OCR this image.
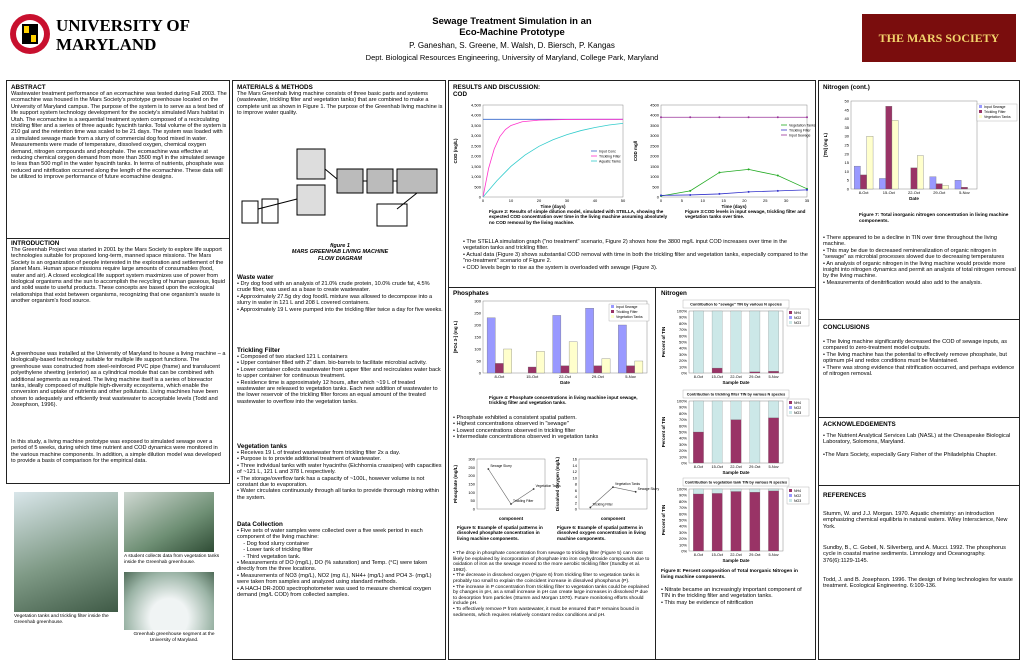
UNIVERSITY OF MARYLAND
Sewage Treatment Simulation in an
Eco-Machine Prototype
P. Ganeshan, S. Greene, M. Walsh, D. Biersch, P. Kangas
Dept. Biological Resources Engineering, University of Maryland, College Park, Maryland
THE MARS SOCIETY
ABSTRACT
Wastewater treatment performance of an ecomachine was tested during Fall 2003. The ecomachine was housed in the Mars Society's prototype greenhouse located on the University of Maryland campus. The purpose of the system is to serve as a test bed of life support system technology development for the society's simulated Mars habitat in Utah. The ecomachine is a sequential treatment system composed of a recirculating trickling filter and a series of three aquatic hyacinth tanks. Total volume of the system is 210 gal and the retention time was scaled to be 21 days. The system was loaded with a simulated sewage made from a slurry of commercial dog food mixed in water. Measurements were made of temperature, dissolved oxygen, chemical oxygen demand, nitrogen compounds and phosphate. The ecomachine was effective at reducing chemical oxygen demand from more than 3500 mg/l in the simulated sewage to less than 500 mg/l in the water hyacinth tanks. In terms of nutrients, phosphate was reduced and nitrification occurred along the length of the ecomachine. These data will be utilized to improve performance of future ecomachine designs.
INTRODUCTION
The Greenhab Project was started in 2001 by the Mars Society to explore life support technologies suitable for proposed long-term, manned space missions. The Mars Society is an organization of people interested in the exploration and settlement of the planet Mars. Human space missions require large amounts of consumables (food, water and air). A closed ecological life support system maximizes use of power from biological organisms and the sun to accomplish the recycling of human gaseous, liquid and solid waste to useful products. These concepts are based upon the ecological relationships that exist between organisms, recognizing that one organism's waste is another organism's food source.
A greenhouse was installed at the University of Maryland to house a living machine – a biologically-based technology suitable for multiple life support functions. The greenhouse was constructed from steel-reinforced PVC pipe (frame) and translucent polyethylene sheeting (exterior) as a cylindrical module that can be combined with additional segments as required. The living machine itself is a series of bioreactor tanks, ideally composed of multiple high-diversity ecosystems, which enable the conversion and uptake of nutrients and other pollutants. Living machines have been shown to adequately and efficiently treat wastewater to acceptable levels (Todd and Josephson, 1996).
In this study, a living machine prototype was exposed to simulated sewage over a period of 5 weeks, during which time nutrient and COD dynamics were monitored in the various machine components. In addition, a simple dilution model was developed to provide a basis of comparison for the empirical data.
Vegetation tanks and trickling filter inside the Greenhab greenhouse.
A student collects data from vegetation tanks inside the Greenhab greenhouse.
Greenhab greenhouse segment at the University of Maryland.
MATERIALS & METHODS
The Mars Greenhab living machine consists of three basic parts and systems (wastewater, trickling filter and vegetation tanks) that are combined to make a complete unit as shown in Figure 1. The purpose of the Greenhab living machine is to improve water quality.
figure 1
MARS GREENHAB LIVING MACHINE
FLOW DIAGRAM
Waste water
• Dry dog food with an analysis of 21.0% crude protein, 10.0% crude fat, 4.5% crude fiber, was used as a base to create wastewater.
• Approximately 27.5g dry dog food/L mixture was allowed to decompose into a slurry in water in 121 L and 208 L covered containers.
• Approximately 19 L were pumped into the trickling filter twice a day for five weeks.
Trickling Filter
• Composed of two stacked 121 L containers
• Upper container filled with 2" diam. bio-barrels to facilitate microbial activity.
• Lower container collects wastewater from upper filter and recirculates water back to upper container for continuous treatment.
• Residence time is approximately 12 hours, after which ~19 L of treated wastewater are released to vegetation tanks. Each new addition of wastewater to the lower reservoir of the trickling filter forces an equal amount of the treated wastewater to overflow into the vegetation tanks.
Vegetation tanks
• Receives 19 L of treated wastewater from trickling filter 2x a day.
• Purpose is to provide additional treatment of wastewater.
• Three individual tanks with water hyacinths (Eichhornia crassipes) with capacities of ~121 L, 121 L and 378 L respectively.
• The storage/overflow tank has a capacity of ~100L, however volume is not constant due to evaporation.
• Water circulates continuously through all tanks to provide thorough mixing within the system.
Data Collection
• Five sets of water samples were collected over a five week period in each component of the living machine:
- Dog food slurry container
- Lower tank of trickling filter
- Third vegetation tank.
• Measurements of DO (mg/L), DO (% saturation) and Temp. (°C) were taken directly from the three locations.
• Measurements of NO3 (mg/L), NO2 (mg /L), NH4+ (mg/L) and PO4 3- (mg/L) were taken from samples and analyzed using standard methods.
• A HACH DR-2000 spectrophotometer was used to measure chemical oxygen demand (mg/L COD) from collected samples.
RESULTS AND DISCUSSION:
COD
0
500
1,000
1,500
2,000
2,500
3,000
3,500
4,000
4,500
COD (mg/L)
Time (days)
0	10	20	30	40	50
Input Conc
Trickling Filter
Aquatic Tanks
Figure 2: Results of simple dilution model, simulated with STELLA, showing the expected COD concentration over time in the living machine assuming absolutely no COD removal by the living machine.
0
500
1000
1500
2000
2500
3000
3500
4000
4500
COD mg/l
Time (days)
0	5	10	15	20	25	30	35
Vegetation Tanks
Trickling Filter
Input Sewage
Figure 3:COD levels in input sewage, trickling filter and vegetation tanks over time.
• The STELLA simulation graph ("no treatment" scenario, Figure 2) shows how the 3800 mg/L input COD increases over time in the vegetation tanks and trickling filter.
• Actual data (Figure 3) shows substantial COD removal with time in both the trickling filter and vegetation tanks, especially compared to the "no-treatment" scenario of Figure 2.
• COD levels begin to rise as the system is overloaded with sewage (Figure 3).
Phosphates
0
50
100
150
200
250
300
[PO4 3-] (mg L)
Date
8-Oct	15-Oct	22-Oct	29-Oct	5-Nov
Input Sewage
Trickling Filter
Vegetation Tanks
Figure 4: Phosphate concentrations in living machine input sewage, trickling filter and vegetation tanks.
• Phosphate exhibited a consistent spatial pattern.
• Highest concentrations observed in "sewage"
• Lowest concentrations observed in trickling filter
• Intermediate concentrations observed in vegetation tanks
0
50
100
150
200
250
300
Phosphate (mg/L)
component
Sewage Slurry
Trickling Filter
Vegetation Tanks
0
2
4
6
8
10
12
14
16
Dissolved Oxygen (mg/L)
component
Trickling Filter
Vegetation Tanks
Sewage Slurry
Figure 5: Example of spatial patterns in dissolved phosphate concentration in living machine components.
Figure 6: Example of spatial patterns in dissolved oxygen concentration in living machine components.
• The drop in phosphate concentration from sewage to trickling filter (Figure 5) can most likely be explained by incorporation of phosphate into iron oxyhydroxide compounds due to oxidation of iron as the sewage moved to the more aerobic trickling filter (Sundby et al. 1992).
• The decrease in dissolved oxygen (Figure 6) from trickling filter to vegetation tanks is probably too small to explain the coincident increase in dissolved phosphorus (P).
• The increase in P concentration from trickling filter to vegetation tanks could be explained by changes in pH, as a small increase in pH can create large increases in dissolved P due to desorption from particles (Stumm and Morgan 1970). Future monitoring efforts should include pH.
• To effectively remove P from wastewater, it must be ensured that P remains bound in sediments, which requires relatively constant redox conditions and pH.
Nitrogen
Contribution to "sewage" TIN by various N species
0%
10%
20%
30%
40%
50%
60%
70%
80%
90%
100%
Percent of TIN
Sample Date
8-Oct 15-Oct 22-Oct 29-Oct 5-Nov
NH4
NO2
NO3
Contribution to trickling filter TIN by various N species
0%
10%
20%
30%
40%
50%
60%
70%
80%
90%
100%
Percent of TIN
Sample Date
8-Oct 15-Oct 22-Oct 29-Oct 5-Nov
NH4
NO2
NO3
Contribution to vegetation tank TIN by various N species
0%
10%
20%
30%
40%
50%
60%
70%
80%
90%
100%
Percent of TIN
Sample Date
8-Oct 15-Oct 22-Oct 29-Oct 5-Nov
NH4
NO2
NO3
Figure 8: Percent composition of Total Inorganic Nitrogen in living machine components.
• Nitrate became an increasingly important component of TIN in the trickling filter and vegetation tanks.
• This may be evidence of nitrification
Nitrogen (cont.)
0
5
10
15
20
25
30
35
40
45
50
[TN] (mg L)
Date
8-Oct	15-Oct	22-Oct	29-Oct	5-Nov
Input Sewage
Trickling Filter
Vegetation Tanks
Figure 7: Total inorganic nitrogen concentration in living machine components.
• There appeared to be a decline in TIN over time throughout the living machine.
• This may be due to decreased remineralization of organic nitrogen in "sewage" as microbial processes slowed due to decreasing temperatures
• An analysis of organic nitrogen in the living machine would provide more insight into nitrogen dynamics and permit an analysis of total nitrogen removal by the living machine.
• Measurements of denitrification would also add to the analysis.
CONCLUSIONS
• The living machine significantly decreased the COD of sewage inputs, as compared to zero-treatment model outputs.
• The living machine has the potential to effectively remove phosphate, but optimum pH and redox conditions must be Maintained.
• There was strong evidence that nitrification occurred, and perhaps evidence of nitrogen removal.
ACKNOWLEDGEMENTS
• The Nutrient Analytical Services Lab (NASL) at the Chesapeake Biological Laboratory, Solomons, Maryland.

•The Mars Society, especially Gary Fisher of the Philadelphia Chapter.
REFERENCES
Stumm, W. and J.J. Morgan. 1970. Aquatic chemistry: an introduction emphasizing chemical equilibria in natural waters. Wiley Interscience, New York.
Sundby, B., C. Gobeil, N. Silverberg, and A. Mucci. 1992. The phosphorus cycle in coastal marine sediments. Limnology and Oceanography. 376(6):1129-1145.
Todd, J. and B. Josephson. 1996. The design of living technologies for waste treatment. Ecological Engineering. 6:109-136.
